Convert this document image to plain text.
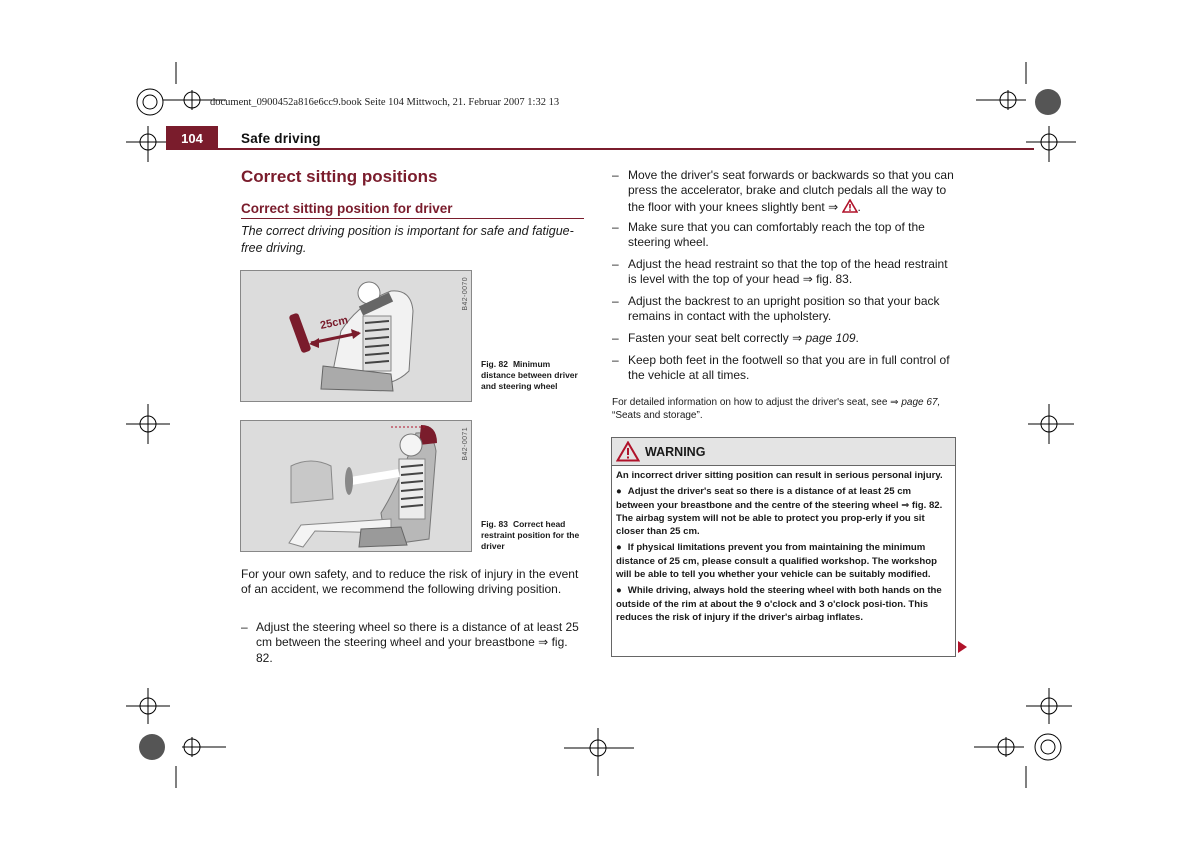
document_0900452a816e6cc9.book Seite 104 Mittwoch, 21. Februar 2007 1:32 13
104	Safe driving
Correct sitting positions
Correct sitting position for driver

The correct driving position is important for safe and fatigue-free driving.

25cm
B42-0070
Fig. 82 Minimum distance between driver and steering wheel
B42-0071
Fig. 83 Correct head restraint position for the driver

For your own safety, and to reduce the risk of injury in the event of an accident, we recommend the following driving position.

– Adjust the steering wheel so there is a distance of at least 25 cm between the steering wheel and your breastbone ⇒ fig. 82.
– Move the driver's seat forwards or backwards so that you can press the accelerator, brake and clutch pedals all the way to the floor with your knees slightly bent ⇒ .
– Make sure that you can comfortably reach the top of the steering wheel.
– Adjust the head restraint so that the top of the head restraint is level with the top of your head ⇒ fig. 83.
– Adjust the backrest to an upright position so that your back remains in contact with the upholstery.
– Fasten your seat belt correctly ⇒ page 109.
– Keep both feet in the footwell so that you are in full control of the vehicle at all times.
For detailed information on how to adjust the driver's seat, see ⇒ page 67, “Seats and storage”.
WARNING

An incorrect driver sitting position can result in serious personal injury.

● Adjust the driver's seat so there is a distance of at least 25 cm between your breastbone and the centre of the steering wheel ⇒ fig. 82. The airbag system will not be able to protect you prop-erly if you sit closer than 25 cm.

● If physical limitations prevent you from maintaining the minimum distance of 25 cm, please consult a qualified workshop. The workshop will be able to tell you whether your vehicle can be suitably modified.

● While driving, always hold the steering wheel with both hands on the outside of the rim at about the 9 o'clock and 3 o'clock posi-tion. This reduces the risk of injury if the driver's airbag inflates.
